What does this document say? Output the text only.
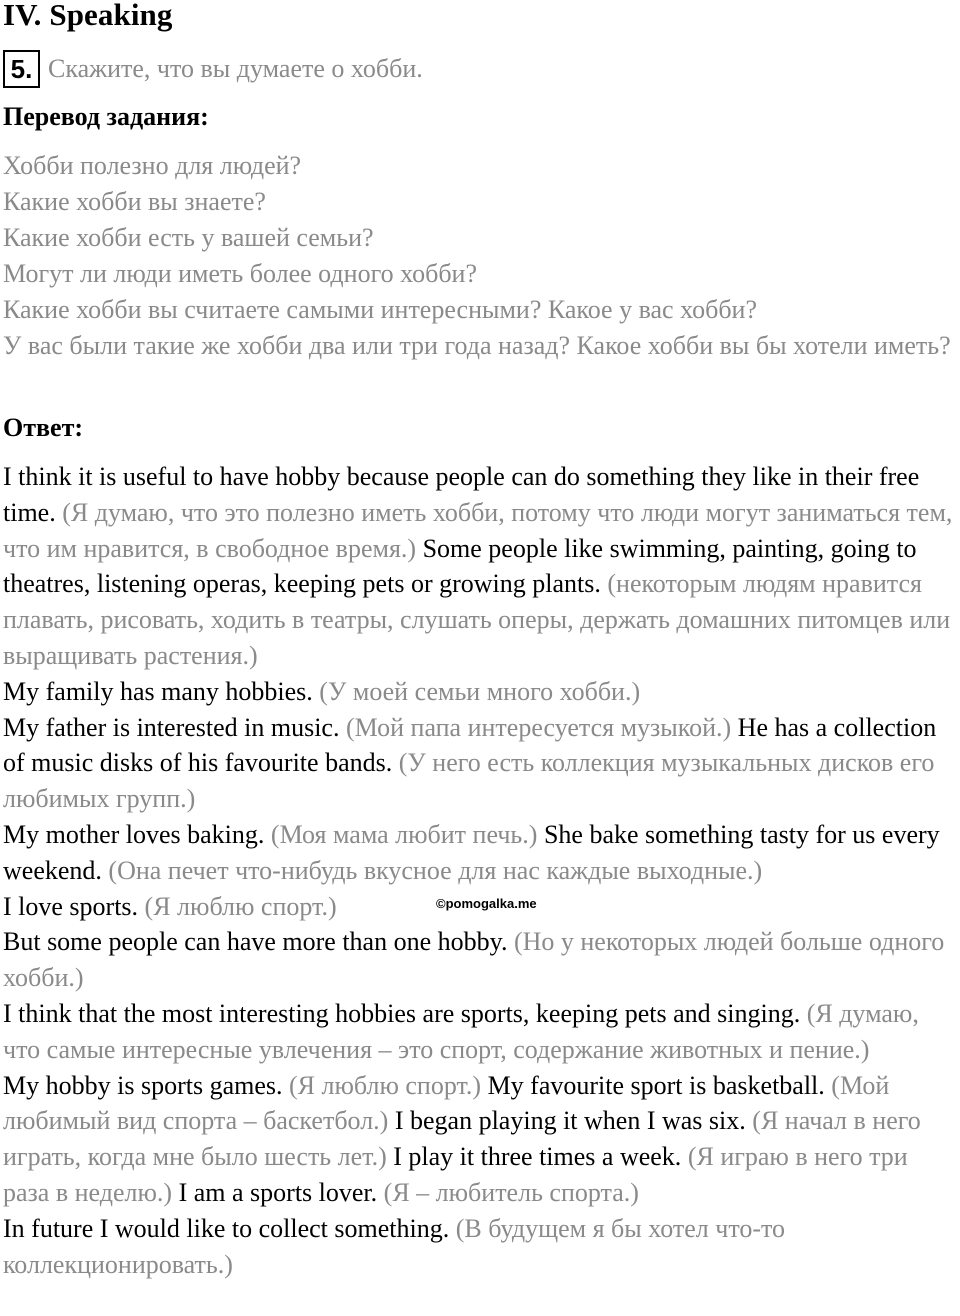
IV. Speaking
5. Скажите, что вы думаете о хобби.
Перевод задания:
Хобби полезно для людей?
Какие хобби вы знаете?
Какие хобби есть у вашей семьи?
Могут ли люди иметь более одного хобби?
Какие хобби вы считаете самыми интересными? Какое у вас хобби?
У вас были такие же хобби два или три года назад? Какое хобби вы бы хотели иметь?
Ответ:

I think it is useful to have hobby because people can do something they like in their free time. (Я думаю, что это полезно иметь хобби, потому что люди могут заниматься тем, что им нравится, в свободное время.) Some people like swimming, painting, going to theatres, listening operas, keeping pets or growing plants. (некоторым людям нравится плавать, рисовать, ходить в театры, слушать оперы, держать домашних питомцев или выращивать растения.)

My family has many hobbies. (У моей семьи много хобби.)

My father is interested in music. (Мой папа интересуется музыкой.) He has a collection of music disks of his favourite bands. (У него есть коллекция музыкальных дисков его любимых групп.)

My mother loves baking. (Моя мама любит печь.) She bake something tasty for us every weekend. (Она печет что-нибудь вкусное для нас каждые выходные.)

I love sports. (Я люблю спорт.)

But some people can have more than one hobby. (Но у некоторых людей больше одного хобби.)

I think that the most interesting hobbies are sports, keeping pets and singing. (Я думаю, что самые интересные увлечения – это спорт, содержание животных и пение.)

My hobby is sports games. (Я люблю спорт.) My favourite sport is basketball. (Мой любимый вид спорта – баскетбол.) I began playing it when I was six. (Я начал в него играть, когда мне было шесть лет.) I play it three times a week. (Я играю в него три раза в неделю.) I am a sports lover. (Я – любитель спорта.)

In future I would like to collect something. (В будущем я бы хотел что-то коллекционировать.)

©pomogalka.me
